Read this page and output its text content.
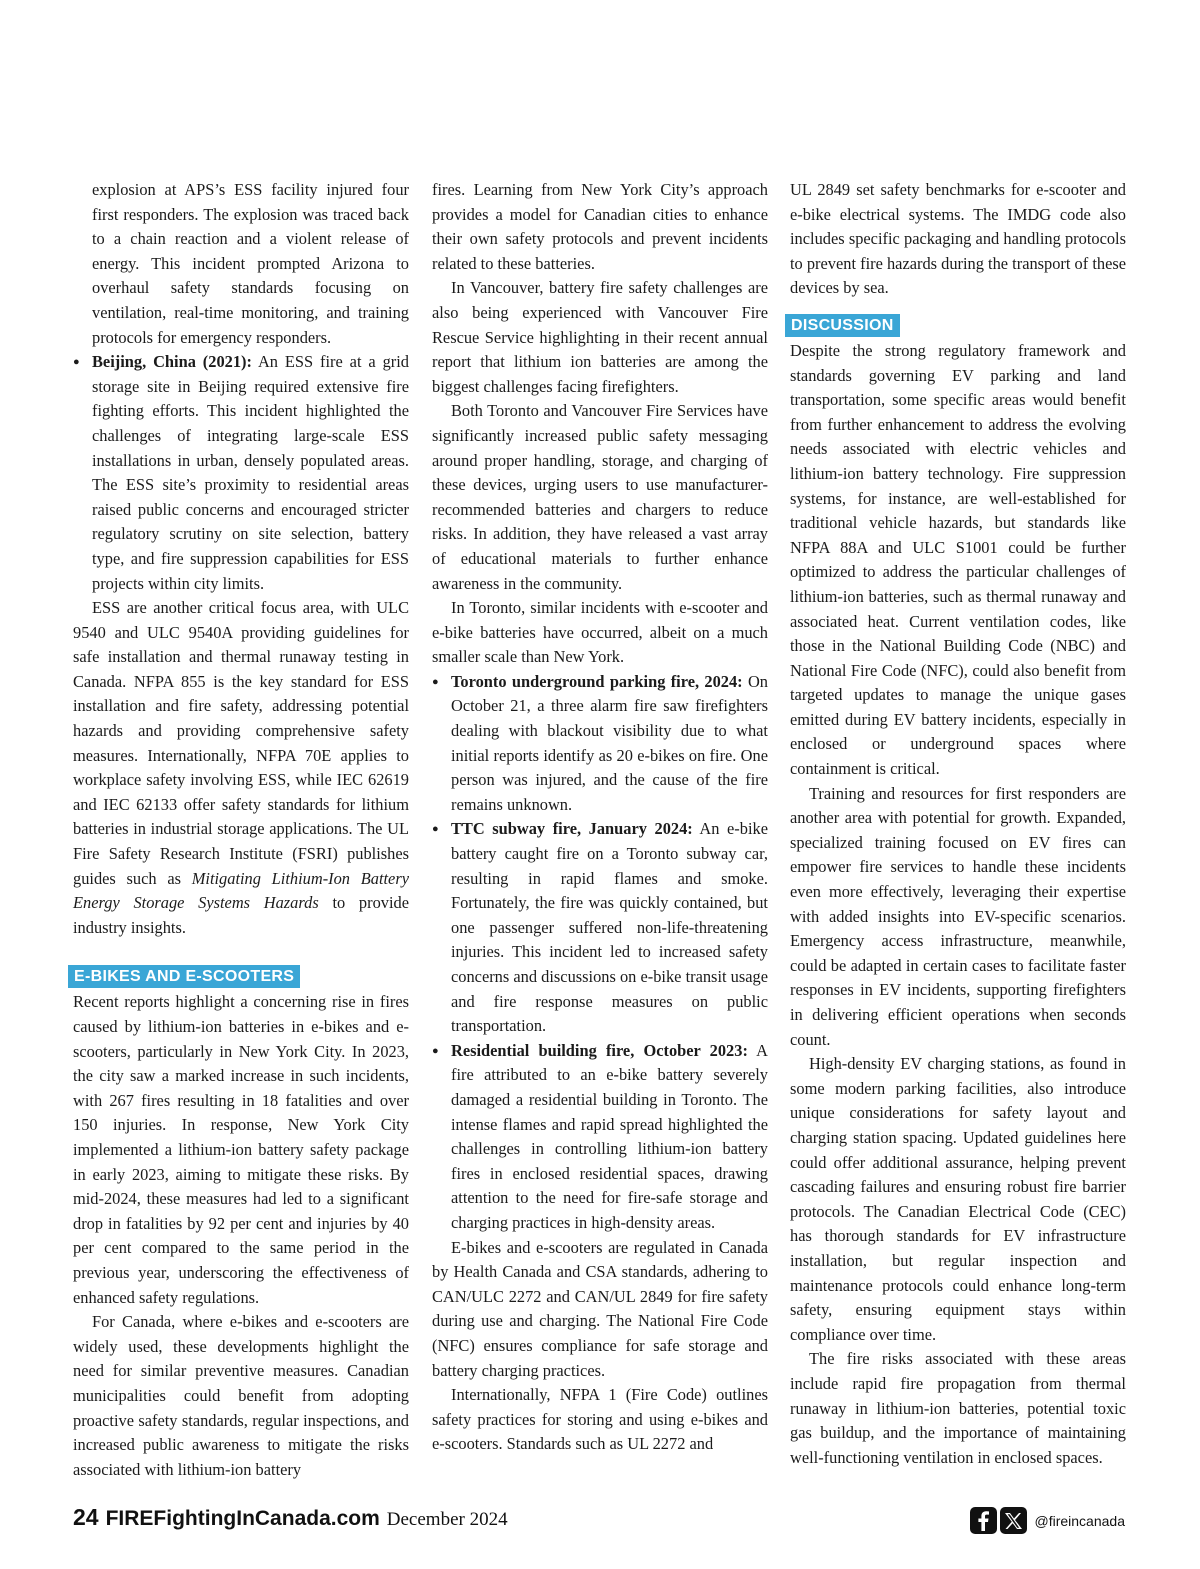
explosion at APS’s ESS facility injured four first responders. The explosion was traced back to a chain reaction and a violent release of energy. This incident prompted Arizona to overhaul safety standards focusing on ventilation, real-time monitoring, and training protocols for emergency responders.

● Beijing, China (2021): An ESS fire at a grid storage site in Beijing required extensive fire fighting efforts. This incident highlighted the challenges of integrating large-scale ESS installations in urban, densely populated areas. The ESS site’s proximity to residential areas raised public concerns and encouraged stricter regulatory scrutiny on site selection, battery type, and fire suppression capabilities for ESS projects within city limits.

ESS are another critical focus area, with ULC 9540 and ULC 9540A providing guidelines for safe installation and thermal runaway testing in Canada. NFPA 855 is the key standard for ESS installation and fire safety, addressing potential hazards and providing comprehensive safety measures. Internationally, NFPA 70E applies to workplace safety involving ESS, while IEC 62619 and IEC 62133 offer safety standards for lithium batteries in industrial storage applications. The UL Fire Safety Research Institute (FSRI) publishes guides such as Mitigating Lithium-Ion Battery Energy Storage Systems Hazards to provide industry insights.

E-BIKES AND E-SCOOTERS

Recent reports highlight a concerning rise in fires caused by lithium-ion batteries in e-bikes and e-scooters, particularly in New York City. In 2023, the city saw a marked increase in such incidents, with 267 fires resulting in 18 fatalities and over 150 injuries. In response, New York City implemented a lithium-ion battery safety package in early 2023, aiming to mitigate these risks. By mid-2024, these measures had led to a significant drop in fatalities by 92 per cent and injuries by 40 per cent compared to the same period in the previous year, underscoring the effectiveness of enhanced safety regulations.

For Canada, where e-bikes and e-scooters are widely used, these developments highlight the need for similar preventive measures. Canadian municipalities could benefit from adopting proactive safety standards, regular inspections, and increased public awareness to mitigate the risks associated with lithium-ion battery

fires. Learning from New York City’s approach provides a model for Canadian cities to enhance their own safety protocols and prevent incidents related to these batteries.

In Vancouver, battery fire safety challenges are also being experienced with Vancouver Fire Rescue Service highlighting in their recent annual report that lithium ion batteries are among the biggest challenges facing firefighters.

Both Toronto and Vancouver Fire Services have significantly increased public safety messaging around proper handling, storage, and charging of these devices, urging users to use manufacturer-recommended batteries and chargers to reduce risks. In addition, they have released a vast array of educational materials to further enhance awareness in the community.

In Toronto, similar incidents with e-scooter and e-bike batteries have occurred, albeit on a much smaller scale than New York.

● Toronto underground parking fire, 2024: On October 21, a three alarm fire saw firefighters dealing with blackout visibility due to what initial reports identify as 20 e-bikes on fire. One person was injured, and the cause of the fire remains unknown.
● TTC subway fire, January 2024: An e-bike battery caught fire on a Toronto subway car, resulting in rapid flames and smoke. Fortunately, the fire was quickly contained, but one passenger suffered non-life-threatening injuries. This incident led to increased safety concerns and discussions on e-bike transit usage and fire response measures on public transportation.
● Residential building fire, October 2023: A fire attributed to an e-bike battery severely damaged a residential building in Toronto. The intense flames and rapid spread highlighted the challenges in controlling lithium-ion battery fires in enclosed residential spaces, drawing attention to the need for fire-safe storage and charging practices in high-density areas.

E-bikes and e-scooters are regulated in Canada by Health Canada and CSA standards, adhering to CAN/ULC 2272 and CAN/UL 2849 for fire safety during use and charging. The National Fire Code (NFC) ensures compliance for safe storage and battery charging practices.

Internationally, NFPA 1 (Fire Code) outlines safety practices for storing and using e-bikes and e-scooters. Standards such as UL 2272 and

UL 2849 set safety benchmarks for e-scooter and e-bike electrical systems. The IMDG code also includes specific packaging and handling protocols to prevent fire hazards during the transport of these devices by sea.

DISCUSSION

Despite the strong regulatory framework and standards governing EV parking and land transportation, some specific areas would benefit from further enhancement to address the evolving needs associated with electric vehicles and lithium-ion battery technology. Fire suppression systems, for instance, are well-established for traditional vehicle hazards, but standards like NFPA 88A and ULC S1001 could be further optimized to address the particular challenges of lithium-ion batteries, such as thermal runaway and associated heat. Current ventilation codes, like those in the National Building Code (NBC) and National Fire Code (NFC), could also benefit from targeted updates to manage the unique gases emitted during EV battery incidents, especially in enclosed or underground spaces where containment is critical.

Training and resources for first responders are another area with potential for growth. Expanded, specialized training focused on EV fires can empower fire services to handle these incidents even more effectively, leveraging their expertise with added insights into EV-specific scenarios. Emergency access infrastructure, meanwhile, could be adapted in certain cases to facilitate faster responses in EV incidents, supporting firefighters in delivering efficient operations when seconds count.

High-density EV charging stations, as found in some modern parking facilities, also introduce unique considerations for safety layout and charging station spacing. Updated guidelines here could offer additional assurance, helping prevent cascading failures and ensuring robust fire barrier protocols. The Canadian Electrical Code (CEC) has thorough standards for EV infrastructure installation, but regular inspection and maintenance protocols could enhance long-term safety, ensuring equipment stays within compliance over time.

The fire risks associated with these areas include rapid fire propagation from thermal runaway in lithium-ion batteries, potential toxic gas buildup, and the importance of maintaining well-functioning ventilation in enclosed spaces.

24 FIREFightingInCanada.com December 2024	@fireincanada
